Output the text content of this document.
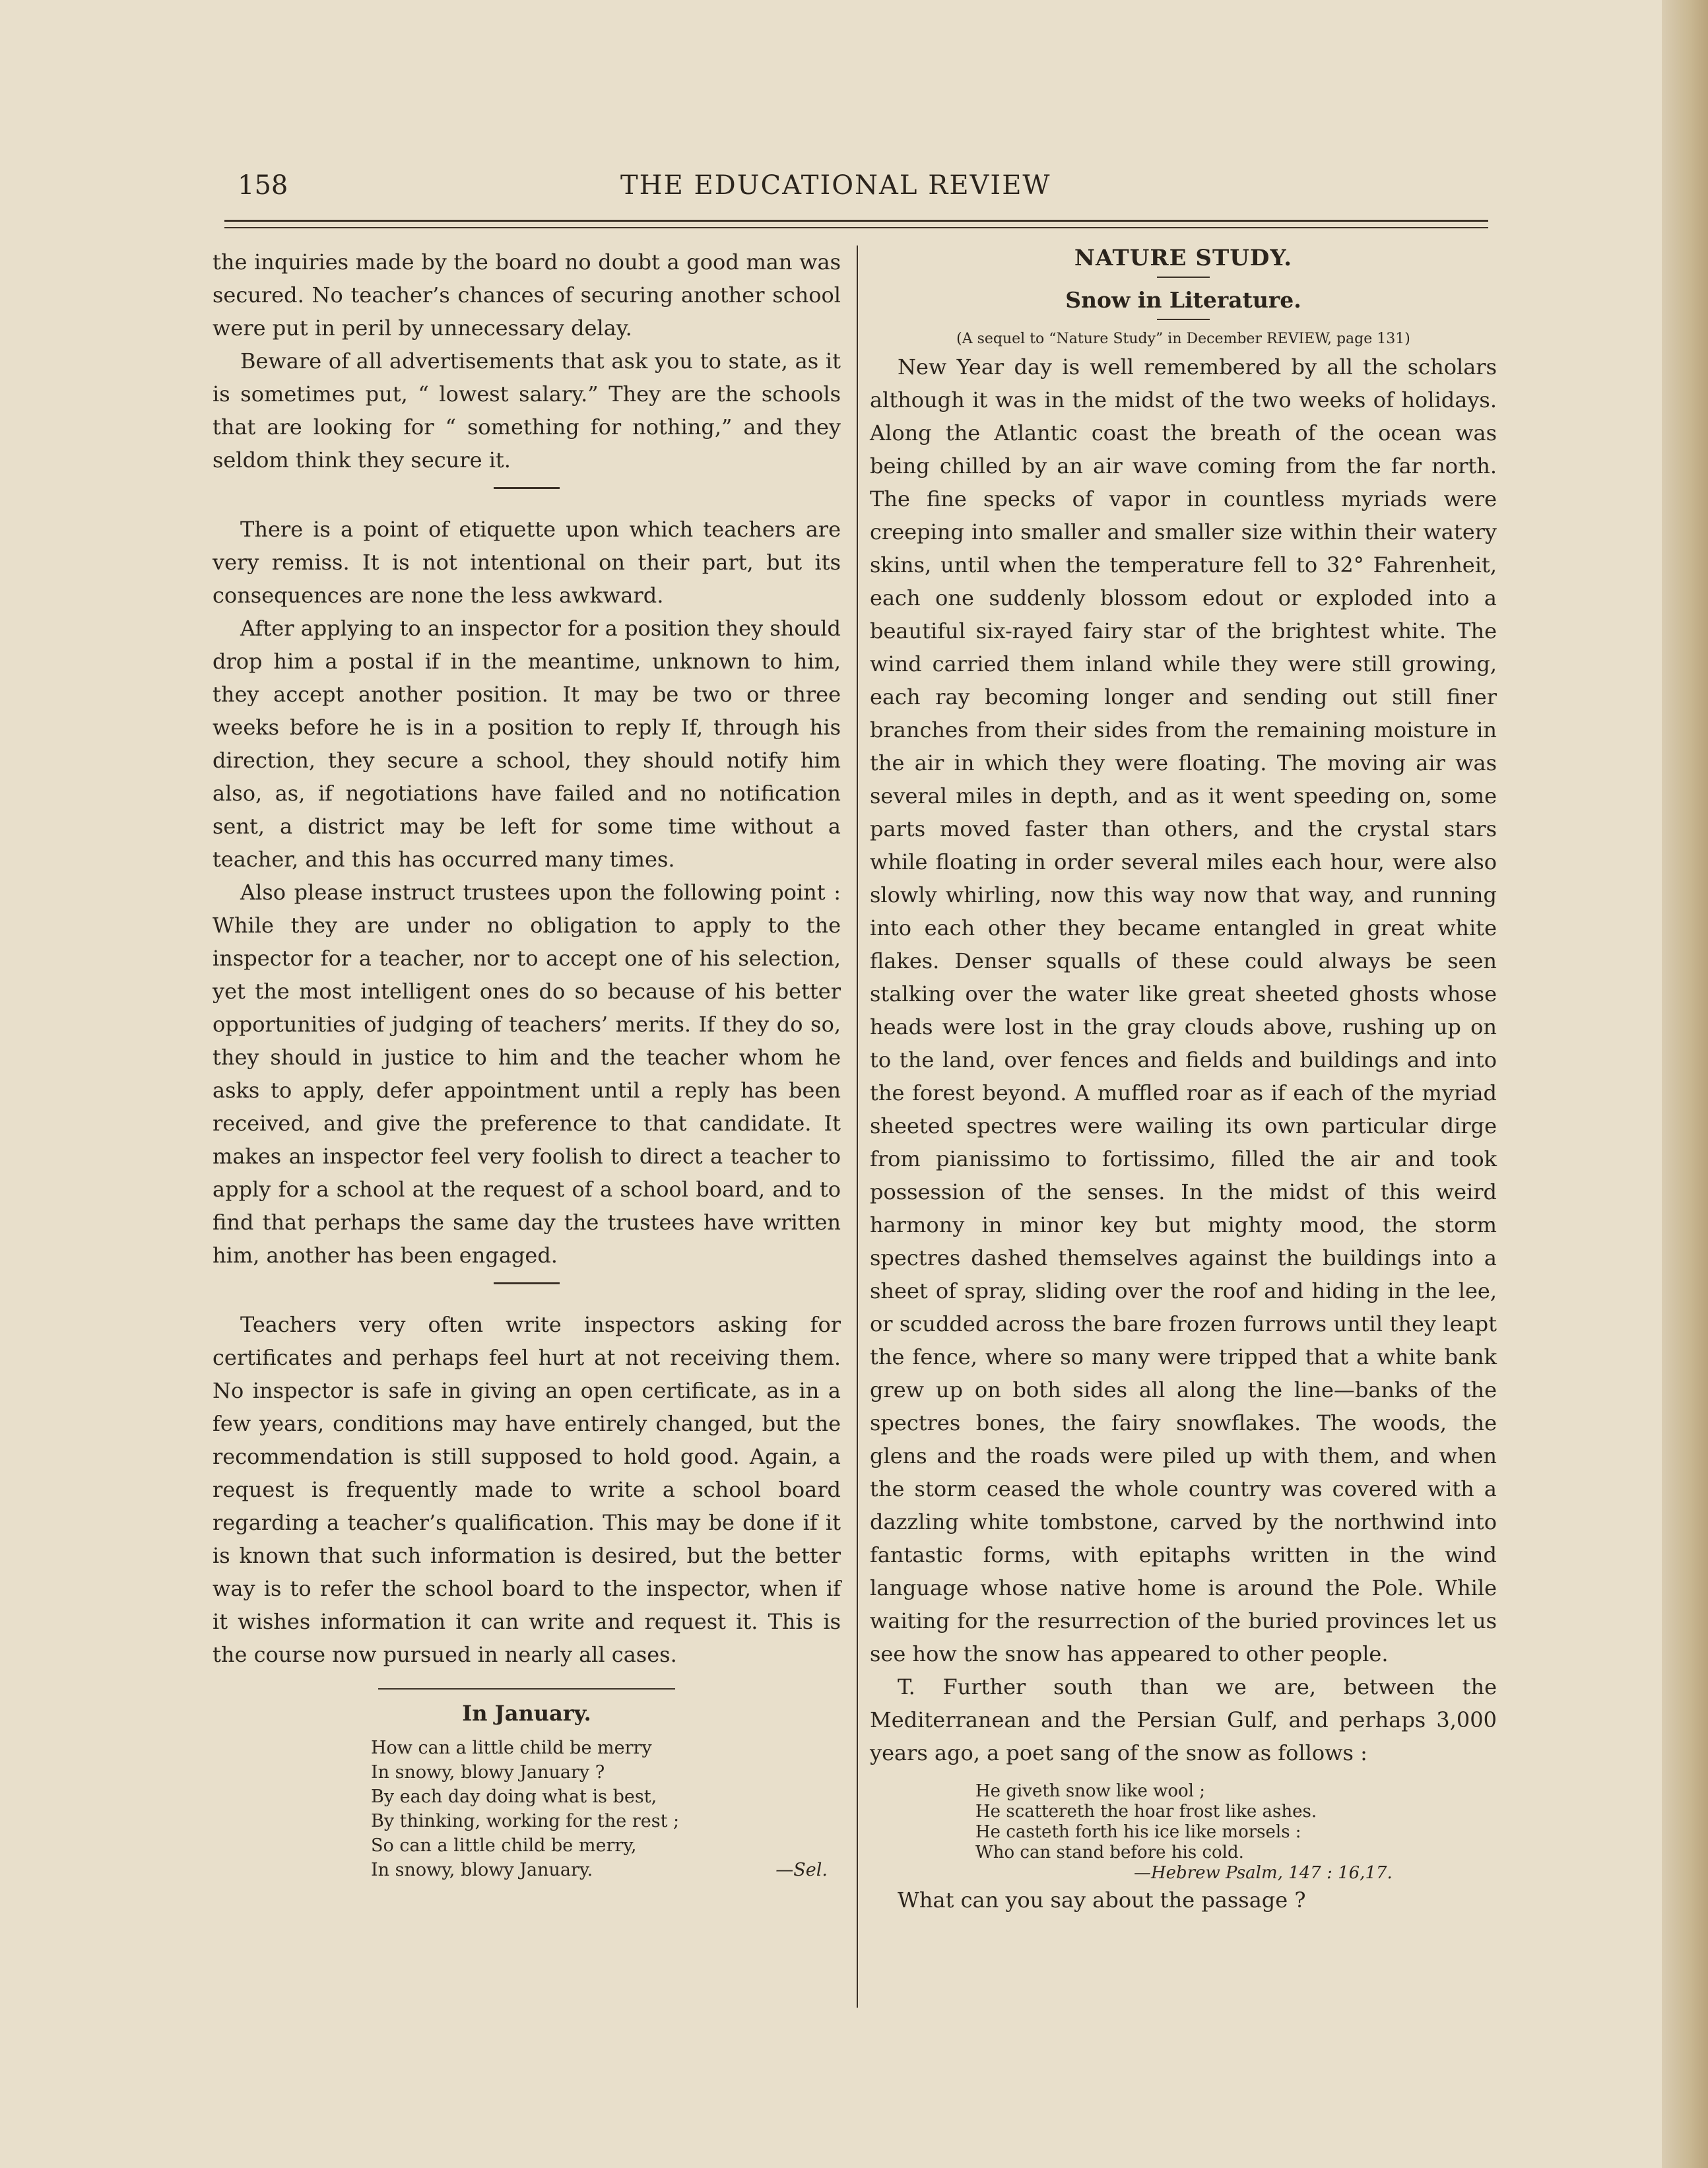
158	THE EDUCATIONAL REVIEW

the inquiries made by the board no doubt a good man was secured. No teacher’s chances of securing another school were put in peril by unnecessary delay.

Beware of all advertisements that ask you to state, as it is sometimes put, “ lowest salary.” They are the schools that are looking for “ something for nothing,” and they seldom think they secure it.

There is a point of etiquette upon which teachers are very remiss. It is not intentional on their part, but its consequences are none the less awkward.

After applying to an inspector for a position they should drop him a postal if in the meantime, unknown to him, they accept another position. It may be two or three weeks before he is in a position to reply If, through his direction, they secure a school, they should notify him also, as, if negotiations have failed and no notification sent, a district may be left for some time without a teacher, and this has occurred many times.

Also please instruct trustees upon the following point : While they are under no obligation to apply to the inspector for a teacher, nor to accept one of his selection, yet the most intelligent ones do so because of his better opportunities of judging of teachers’ merits. If they do so, they should in justice to him and the teacher whom he asks to apply, defer appointment until a reply has been received, and give the preference to that candidate. It makes an inspector feel very foolish to direct a teacher to apply for a school at the request of a school board, and to find that perhaps the same day the trustees have written him, another has been engaged.

Teachers very often write inspectors asking for certificates and perhaps feel hurt at not receiving them. No inspector is safe in giving an open certificate, as in a few years, conditions may have entirely changed, but the recommendation is still supposed to hold good. Again, a request is frequently made to write a school board regarding a teacher’s qualification. This may be done if it is known that such information is desired, but the better way is to refer the school board to the inspector, when if it wishes information it can write and request it. This is the course now pursued in nearly all cases.

In January.
How can a little child be merry
In snowy, blowy January ?
By each day doing what is best,
By thinking, working for the rest ;
So can a little child be merry,
In snowy, blowy January.	—Sel.
NATURE STUDY.
Snow in Literature.
(A sequel to “Nature Study” in December REVIEW, page 131)

New Year day is well remembered by all the scholars although it was in the midst of the two weeks of holidays. Along the Atlantic coast the breath of the ocean was being chilled by an air wave coming from the far north. The fine specks of vapor in countless myriads were creeping into smaller and smaller size within their watery skins, until when the temperature fell to 32° Fahrenheit, each one suddenly blossom edout or exploded into a beautiful six-rayed fairy star of the brightest white. The wind carried them inland while they were still growing, each ray becoming longer and sending out still finer branches from their sides from the remaining moisture in the air in which they were floating. The moving air was several miles in depth, and as it went speeding on, some parts moved faster than others, and the crystal stars while floating in order several miles each hour, were also slowly whirling, now this way now that way, and running into each other they became entangled in great white flakes. Denser squalls of these could always be seen stalking over the water like great sheeted ghosts whose heads were lost in the gray clouds above, rushing up on to the land, over fences and fields and buildings and into the forest beyond. A muffled roar as if each of the myriad sheeted spectres were wailing its own particular dirge from pianissimo to fortissimo, filled the air and took possession of the senses. In the midst of this weird harmony in minor key but mighty mood, the storm spectres dashed themselves against the buildings into a sheet of spray, sliding over the roof and hiding in the lee, or scudded across the bare frozen furrows until they leapt the fence, where so many were tripped that a white bank grew up on both sides all along the line—banks of the spectres bones, the fairy snowflakes. The woods, the glens and the roads were piled up with them, and when the storm ceased the whole country was covered with a dazzling white tombstone, carved by the northwind into fantastic forms, with epitaphs written in the wind language whose native home is around the Pole. While waiting for the resurrection of the buried provinces let us see how the snow has appeared to other people.

T. Further south than we are, between the Mediterranean and the Persian Gulf, and perhaps 3,000 years ago, a poet sang of the snow as follows :

He giveth snow like wool ;
He scattereth the hoar frost like ashes.
He casteth forth his ice like morsels :
Who can stand before his cold.
—Hebrew Psalm, 147 : 16,17.

What can you say about the passage ?
